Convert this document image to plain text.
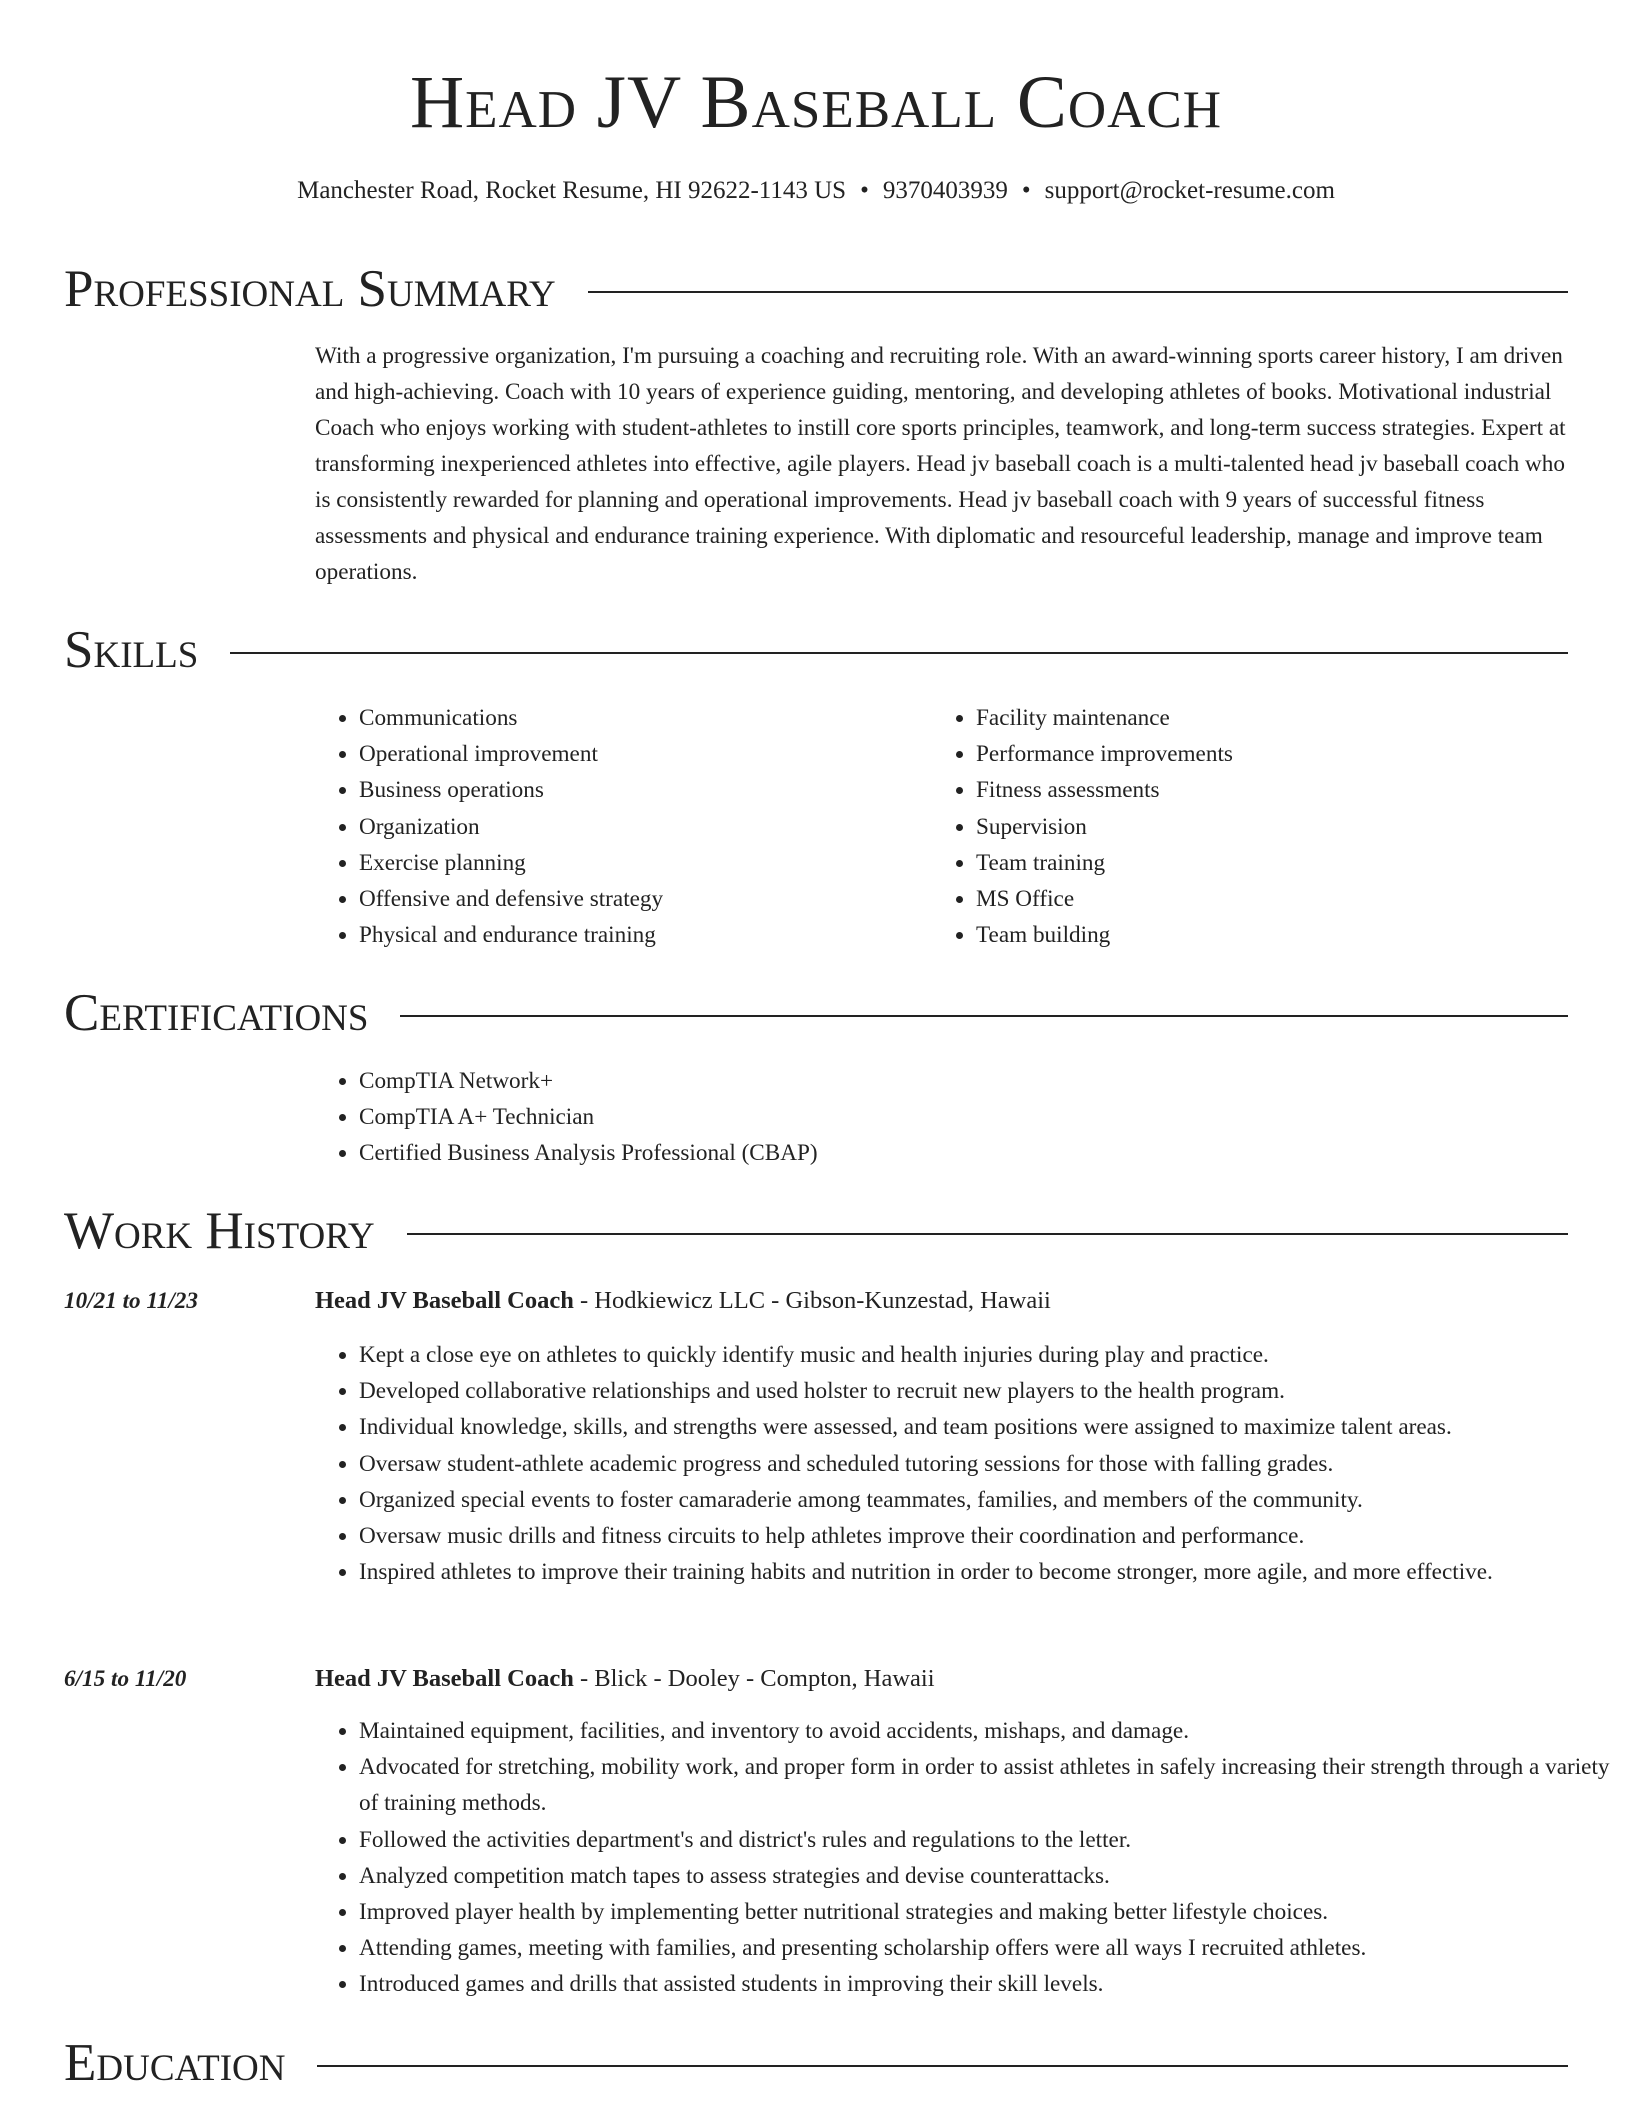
Head JV Baseball Coach
Manchester Road, Rocket Resume, HI 92622-1143 US • 9370403939 • support@rocket-resume.com
Professional Summary

With a progressive organization, I'm pursuing a coaching and recruiting role. With an award-winning sports career history, I am driven and high-achieving. Coach with 10 years of experience guiding, mentoring, and developing athletes of books. Motivational industrial Coach who enjoys working with student-athletes to instill core sports principles, teamwork, and long-term success strategies. Expert at transforming inexperienced athletes into effective, agile players. Head jv baseball coach is a multi-talented head jv baseball coach who is consistently rewarded for planning and operational improvements. Head jv baseball coach with 9 years of successful fitness assessments and physical and endurance training experience. With diplomatic and resourceful leadership, manage and improve team operations.

Skills
• Communications
• Operational improvement
• Business operations
• Organization
• Exercise planning
• Offensive and defensive strategy
• Physical and endurance training
• Facility maintenance
• Performance improvements
• Fitness assessments
• Supervision
• Team training
• MS Office
• Team building
Certifications
• CompTIA Network+
• CompTIA A+ Technician
• Certified Business Analysis Professional (CBAP)
Work History
10/21 to 11/23	Head JV Baseball Coach - Hodkiewicz LLC - Gibson-Kunzestad, Hawaii
• Kept a close eye on athletes to quickly identify music and health injuries during play and practice.
• Developed collaborative relationships and used holster to recruit new players to the health program.
• Individual knowledge, skills, and strengths were assessed, and team positions were assigned to maximize talent areas.
• Oversaw student-athlete academic progress and scheduled tutoring sessions for those with falling grades.
• Organized special events to foster camaraderie among teammates, families, and members of the community.
• Oversaw music drills and fitness circuits to help athletes improve their coordination and performance.
• Inspired athletes to improve their training habits and nutrition in order to become stronger, more agile, and more effective.
6/15 to 11/20	Head JV Baseball Coach - Blick - Dooley - Compton, Hawaii
• Maintained equipment, facilities, and inventory to avoid accidents, mishaps, and damage.
• Advocated for stretching, mobility work, and proper form in order to assist athletes in safely increasing their strength through a variety of training methods.
• Followed the activities department's and district's rules and regulations to the letter.
• Analyzed competition match tapes to assess strategies and devise counterattacks.
• Improved player health by implementing better nutritional strategies and making better lifestyle choices.
• Attending games, meeting with families, and presenting scholarship offers were all ways I recruited athletes.
• Introduced games and drills that assisted students in improving their skill levels.
Education
